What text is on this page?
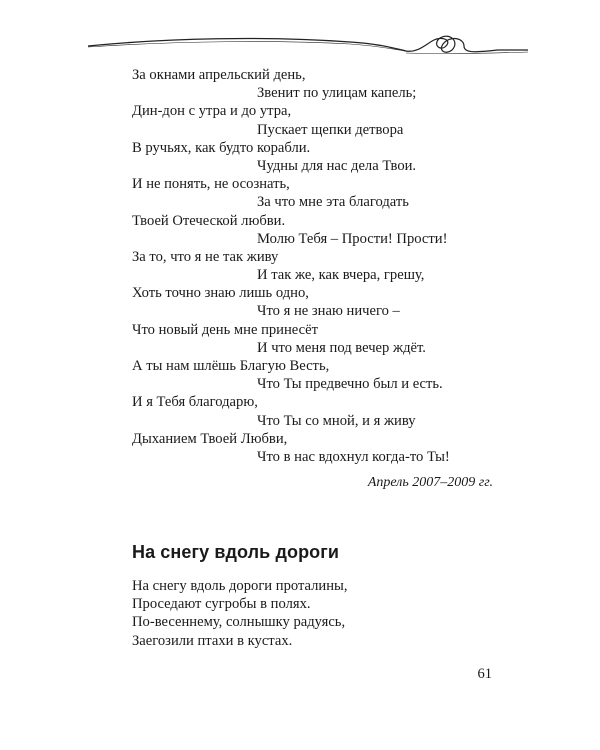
За окнами апрельский день,
Звенит по улицам капель;
Дин-дон с утра и до утра,
Пускает щепки детвора
В ручьях, как будто корабли.
Чудны для нас дела Твои.
И не понять, не осознать,
За что мне эта благодать
Твоей Отеческой любви.
Молю Тебя – Прости! Прости!
За то, что я не так живу
И так же, как вчера, грешу,
Хоть точно знаю лишь одно,
Что я не знаю ничего –
Что новый день мне принесёт
И что меня под вечер ждёт.
А ты нам шлёшь Благую Весть,
Что Ты предвечно был и есть.
И я Тебя благодарю,
Что Ты со мной, и я живу
Дыханием Твоей Любви,
Что в нас вдохнул когда-то Ты!
Апрель 2007–2009 гг.
На снегу вдоль дороги
На снегу вдоль дороги проталины,
Проседают сугробы в полях.
По-весеннему, солнышку радуясь,
Заегозили птахи в кустах.
61
